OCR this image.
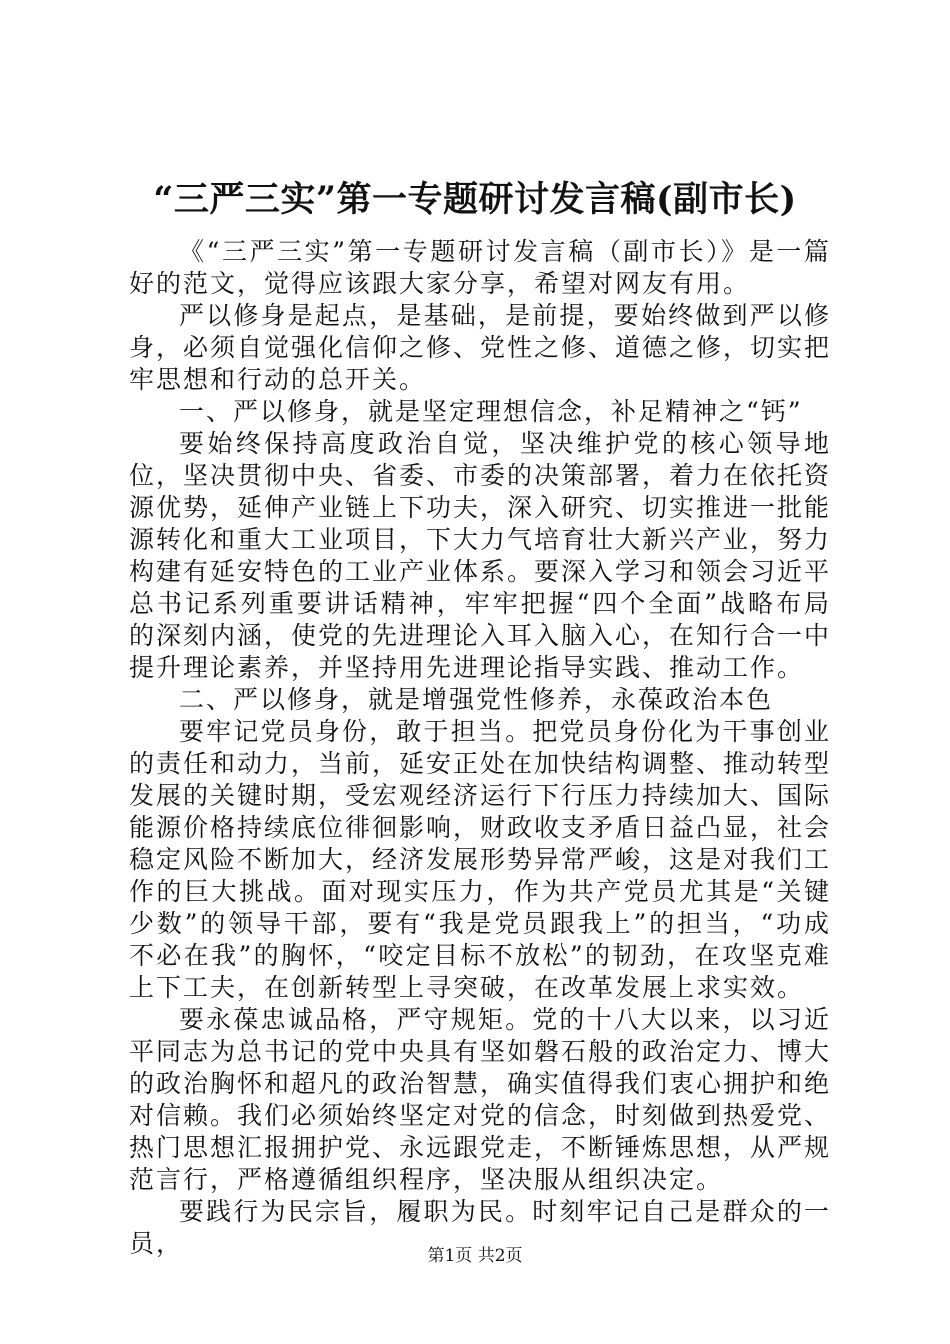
“三严三实”第一专题研讨发言稿(副市长)

《“三严三实”第一专题研讨发言稿（副市长）》是一篇好的范文，觉得应该跟大家分享，希望对网友有用。

严以修身是起点，是基础，是前提，要始终做到严以修身，必须自觉强化信仰之修、党性之修、道德之修，切实把牢思想和行动的总开关。

一、严以修身，就是坚定理想信念，补足精神之“钙”

要始终保持高度政治自觉，坚决维护党的核心领导地位，坚决贯彻中央、省委、市委的决策部署，着力在依托资源优势，延伸产业链上下功夫，深入研究、切实推进一批能源转化和重大工业项目，下大力气培育壮大新兴产业，努力构建有延安特色的工业产业体系。要深入学习和领会习近平总书记系列重要讲话精神，牢牢把握“四个全面”战略布局的深刻内涵，使党的先进理论入耳入脑入心，在知行合一中提升理论素养，并坚持用先进理论指导实践、推动工作。

二、严以修身，就是增强党性修养，永葆政治本色

要牢记党员身份，敢于担当。把党员身份化为干事创业的责任和动力，当前，延安正处在加快结构调整、推动转型发展的关键时期，受宏观经济运行下行压力持续加大、国际能源价格持续底位徘徊影响，财政收支矛盾日益凸显，社会稳定风险不断加大，经济发展形势异常严峻，这是对我们工作的巨大挑战。面对现实压力，作为共产党员尤其是“关键少数”的领导干部，要有“我是党员跟我上”的担当，“功成不必在我”的胸怀，“咬定目标不放松”的韧劲，在攻坚克难上下工夫，在创新转型上寻突破，在改革发展上求实效。

要永葆忠诚品格，严守规矩。党的十八大以来，以习近平同志为总书记的党中央具有坚如磐石般的政治定力、博大的政治胸怀和超凡的政治智慧，确实值得我们衷心拥护和绝对信赖。我们必须始终坚定对党的信念，时刻做到热爱党、热门思想汇报拥护党、永远跟党走，不断锤炼思想，从严规范言行，严格遵循组织程序，坚决服从组织决定。

要践行为民宗旨，履职为民。时刻牢记自己是群众的一员，	第1页 共2页
